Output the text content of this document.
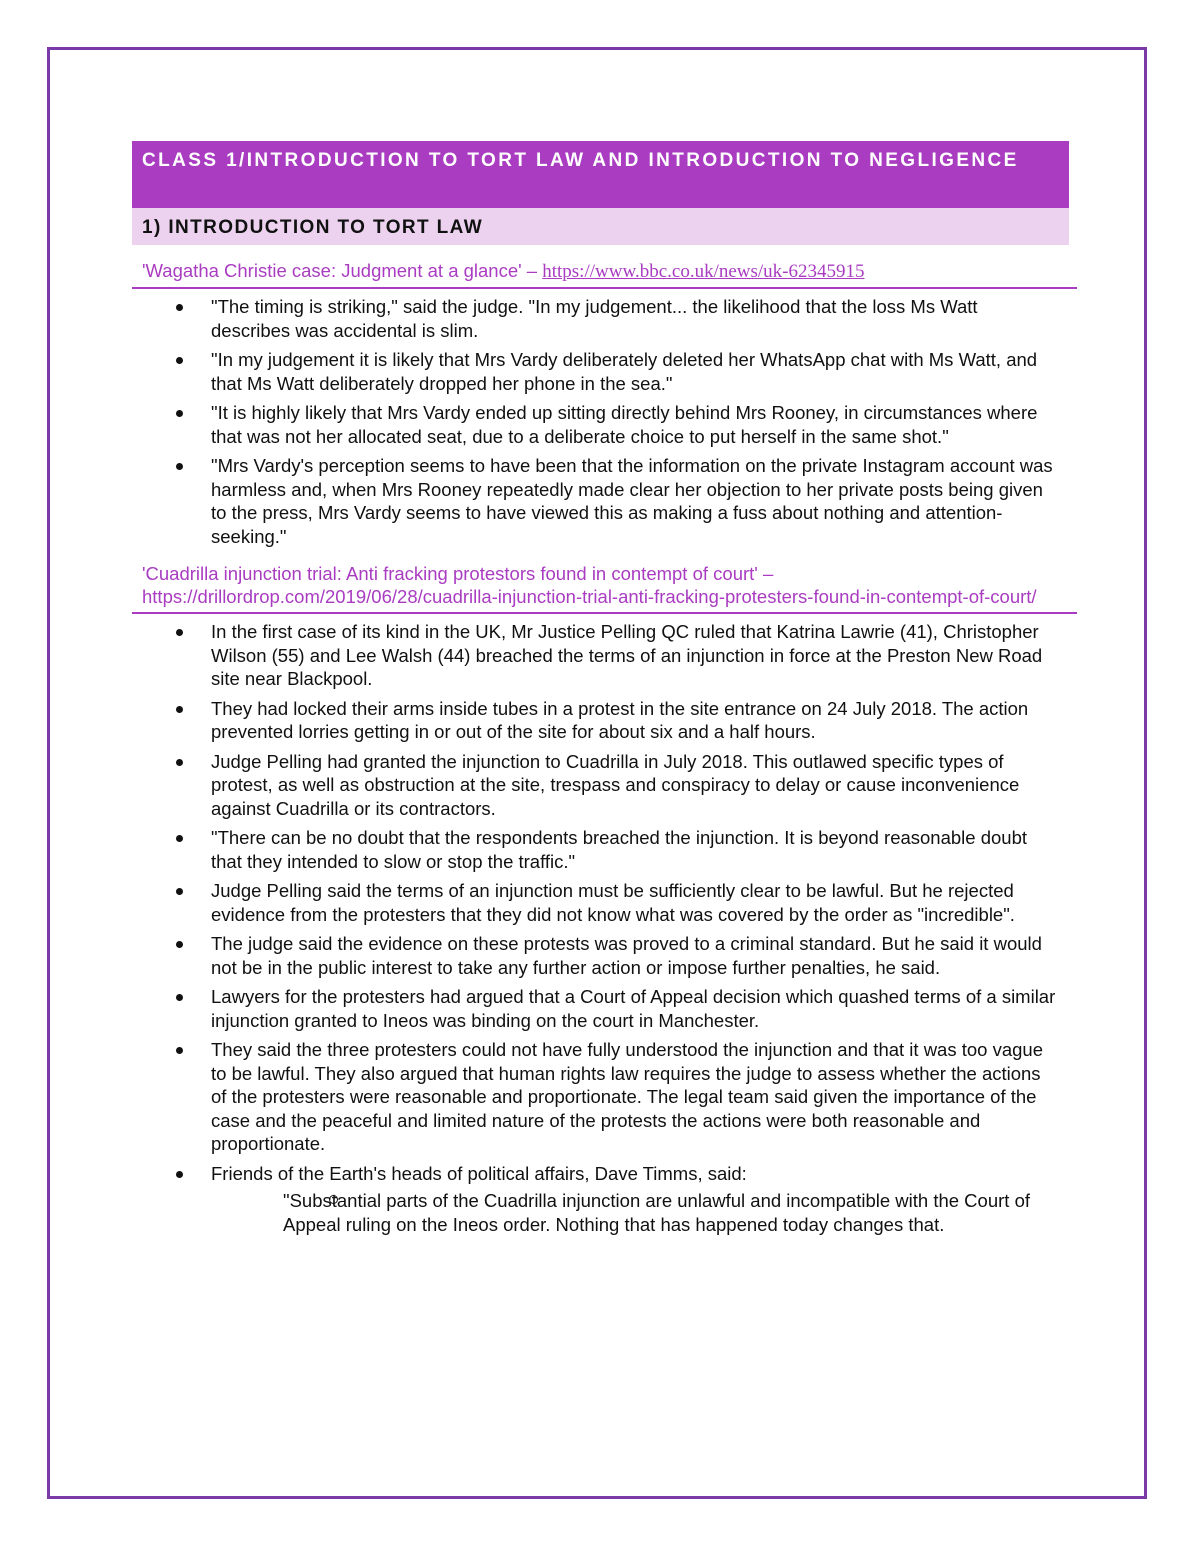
CLASS 1/INTRODUCTION TO TORT LAW AND INTRODUCTION TO NEGLIGENCE
1) INTRODUCTION TO TORT LAW
'Wagatha Christie case: Judgment at a glance' – https://www.bbc.co.uk/news/uk-62345915
"The timing is striking," said the judge. "In my judgement... the likelihood that the loss Ms Watt describes was accidental is slim.
"In my judgement it is likely that Mrs Vardy deliberately deleted her WhatsApp chat with Ms Watt, and that Ms Watt deliberately dropped her phone in the sea."
"It is highly likely that Mrs Vardy ended up sitting directly behind Mrs Rooney, in circumstances where that was not her allocated seat, due to a deliberate choice to put herself in the same shot."
"Mrs Vardy's perception seems to have been that the information on the private Instagram account was harmless and, when Mrs Rooney repeatedly made clear her objection to her private posts being given to the press, Mrs Vardy seems to have viewed this as making a fuss about nothing and attention-seeking."
'Cuadrilla injunction trial: Anti fracking protestors found in contempt of court' – https://drillordrop.com/2019/06/28/cuadrilla-injunction-trial-anti-fracking-protesters-found-in-contempt-of-court/
In the first case of its kind in the UK, Mr Justice Pelling QC ruled that Katrina Lawrie (41), Christopher Wilson (55) and Lee Walsh (44) breached the terms of an injunction in force at the Preston New Road site near Blackpool.
They had locked their arms inside tubes in a protest in the site entrance on 24 July 2018. The action prevented lorries getting in or out of the site for about six and a half hours.
Judge Pelling had granted the injunction to Cuadrilla in July 2018. This outlawed specific types of protest, as well as obstruction at the site, trespass and conspiracy to delay or cause inconvenience against Cuadrilla or its contractors.
"There can be no doubt that the respondents breached the injunction. It is beyond reasonable doubt that they intended to slow or stop the traffic."
Judge Pelling said the terms of an injunction must be sufficiently clear to be lawful. But he rejected evidence from the protesters that they did not know what was covered by the order as "incredible".
The judge said the evidence on these protests was proved to a criminal standard. But he said it would not be in the public interest to take any further action or impose further penalties, he said.
Lawyers for the protesters had argued that a Court of Appeal decision which quashed terms of a similar injunction granted to Ineos was binding on the court in Manchester.
They said the three protesters could not have fully understood the injunction and that it was too vague to be lawful. They also argued that human rights law requires the judge to assess whether the actions of the protesters were reasonable and proportionate. The legal team said given the importance of the case and the peaceful and limited nature of the protests the actions were both reasonable and proportionate.
Friends of the Earth's heads of political affairs, Dave Timms, said:
"Substantial parts of the Cuadrilla injunction are unlawful and incompatible with the Court of Appeal ruling on the Ineos order. Nothing that has happened today changes that.
